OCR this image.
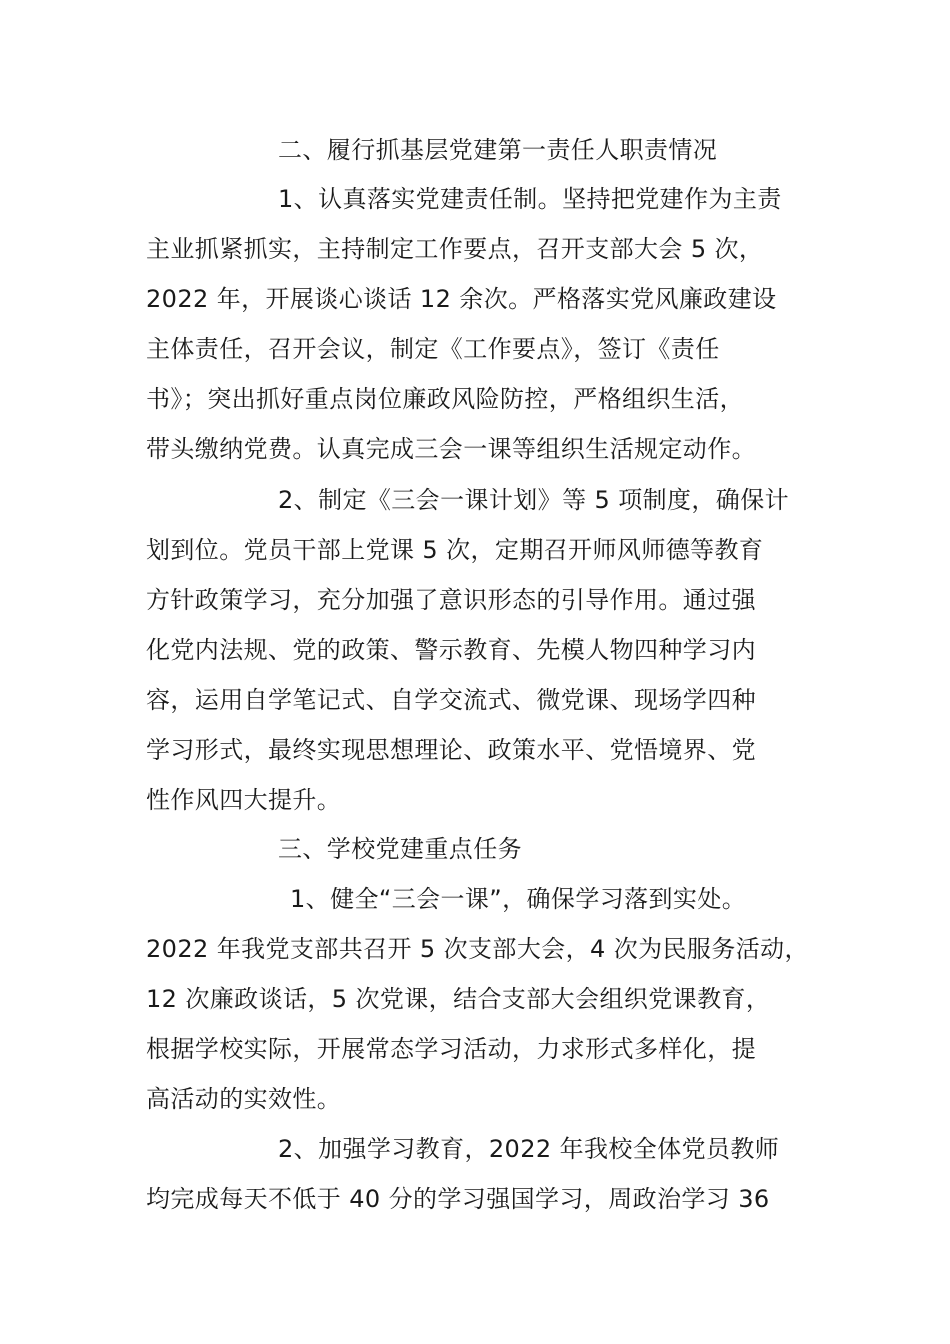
二、履行抓基层党建第一责任人职责情况
1、认真落实党建责任制。坚持把党建作为主责
主业抓紧抓实，主持制定工作要点，召开支部大会 5 次，
2022 年，开展谈心谈话 12 余次。严格落实党风廉政建设
主体责任，召开会议，制定《工作要点》，签订《责任
书》；突出抓好重点岗位廉政风险防控，严格组织生活，
带头缴纳党费。认真完成三会一课等组织生活规定动作。
2、制定《三会一课计划》等 5 项制度，确保计
划到位。党员干部上党课 5 次，定期召开师风师德等教育
方针政策学习，充分加强了意识形态的引导作用。通过强
化党内法规、党的政策、警示教育、先模人物四种学习内
容，运用自学笔记式、自学交流式、微党课、现场学四种
学习形式，最终实现思想理论、政策水平、党悟境界、党
性作风四大提升。
三、学校党建重点任务
1、健全“三会一课”，确保学习落到实处。
2022 年我党支部共召开 5 次支部大会，4 次为民服务活动，
12 次廉政谈话，5 次党课，结合支部大会组织党课教育，
根据学校实际，开展常态学习活动，力求形式多样化，提
高活动的实效性。
2、加强学习教育，2022 年我校全体党员教师
均完成每天不低于 40 分的学习强国学习，周政治学习 36
